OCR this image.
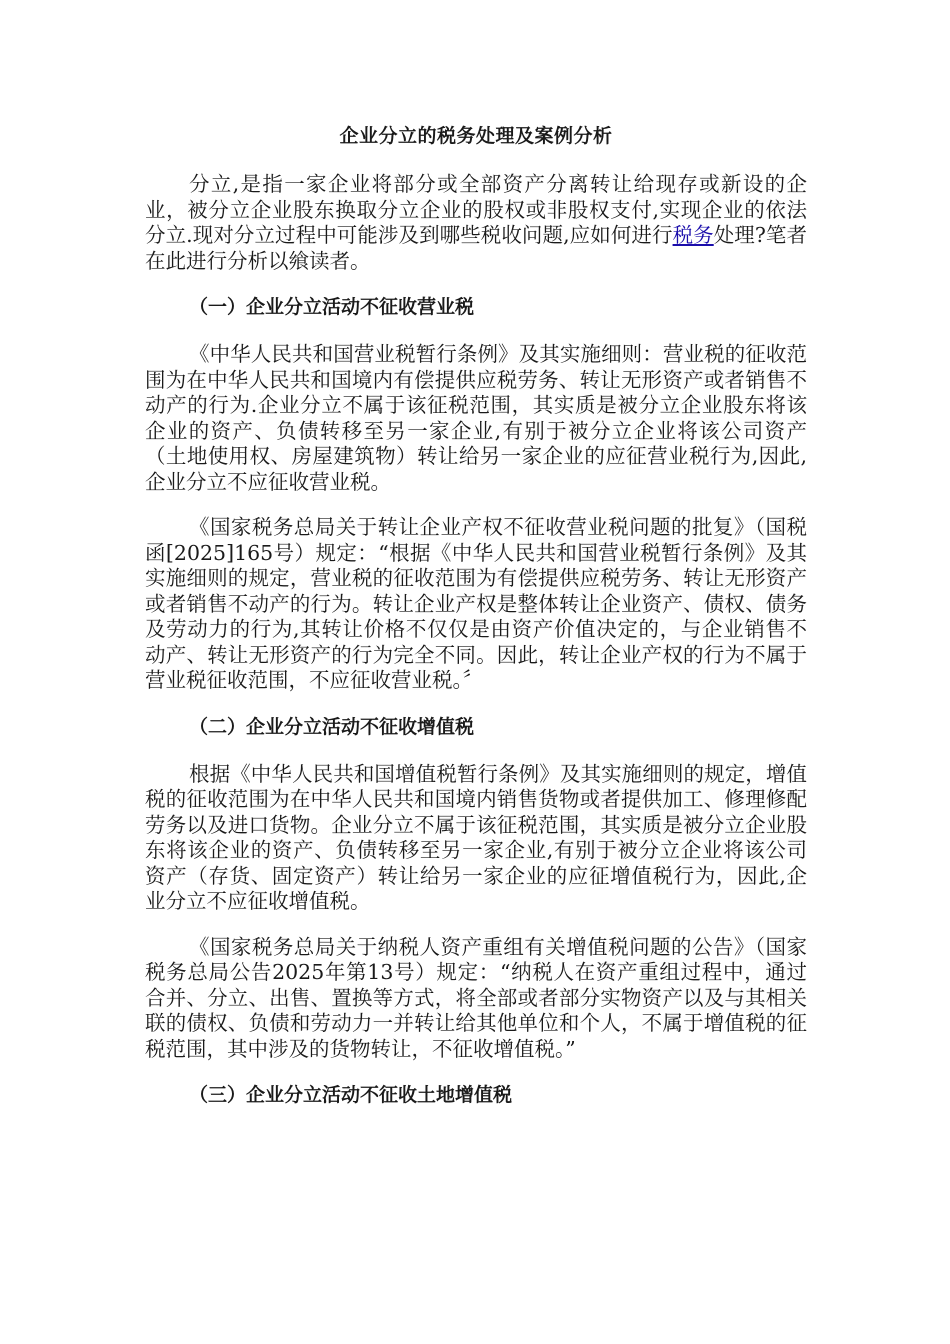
企业分立的税务处理及案例分析

分立,是指一家企业将部分或全部资产分离转让给现存或新设的企业，被分立企业股东换取分立企业的股权或非股权支付,实现企业的依法分立.现对分立过程中可能涉及到哪些税收问题,应如何进行税务处理?笔者在此进行分析以飨读者。

（一）企业分立活动不征收营业税

《中华人民共和国营业税暂行条例》及其实施细则：营业税的征收范围为在中华人民共和国境内有偿提供应税劳务、转让无形资产或者销售不动产的行为.企业分立不属于该征税范围，其实质是被分立企业股东将该企业的资产、负债转移至另一家企业,有别于被分立企业将该公司资产（土地使用权、房屋建筑物）转让给另一家企业的应征营业税行为,因此,企业分立不应征收营业税。

《国家税务总局关于转让企业产权不征收营业税问题的批复》（国税函[2025]165号）规定：“根据《中华人民共和国营业税暂行条例》及其实施细则的规定，营业税的征收范围为有偿提供应税劳务、转让无形资产或者销售不动产的行为。转让企业产权是整体转让企业资产、债权、债务及劳动力的行为,其转让价格不仅仅是由资产价值决定的，与企业销售不动产、转让无形资产的行为完全不同。因此，转让企业产权的行为不属于营业税征收范围，不应征收营业税。〞

（二）企业分立活动不征收增值税

根据《中华人民共和国增值税暂行条例》及其实施细则的规定，增值税的征收范围为在中华人民共和国境内销售货物或者提供加工、修理修配劳务以及进口货物。企业分立不属于该征税范围，其实质是被分立企业股东将该企业的资产、负债转移至另一家企业,有别于被分立企业将该公司资产（存货、固定资产）转让给另一家企业的应征增值税行为，因此,企业分立不应征收增值税。

《国家税务总局关于纳税人资产重组有关增值税问题的公告》（国家税务总局公告2025年第13号）规定：“纳税人在资产重组过程中，通过合并、分立、出售、置换等方式，将全部或者部分实物资产以及与其相关联的债权、负债和劳动力一并转让给其他单位和个人，不属于增值税的征税范围，其中涉及的货物转让，不征收增值税。”

（三）企业分立活动不征收土地增值税
